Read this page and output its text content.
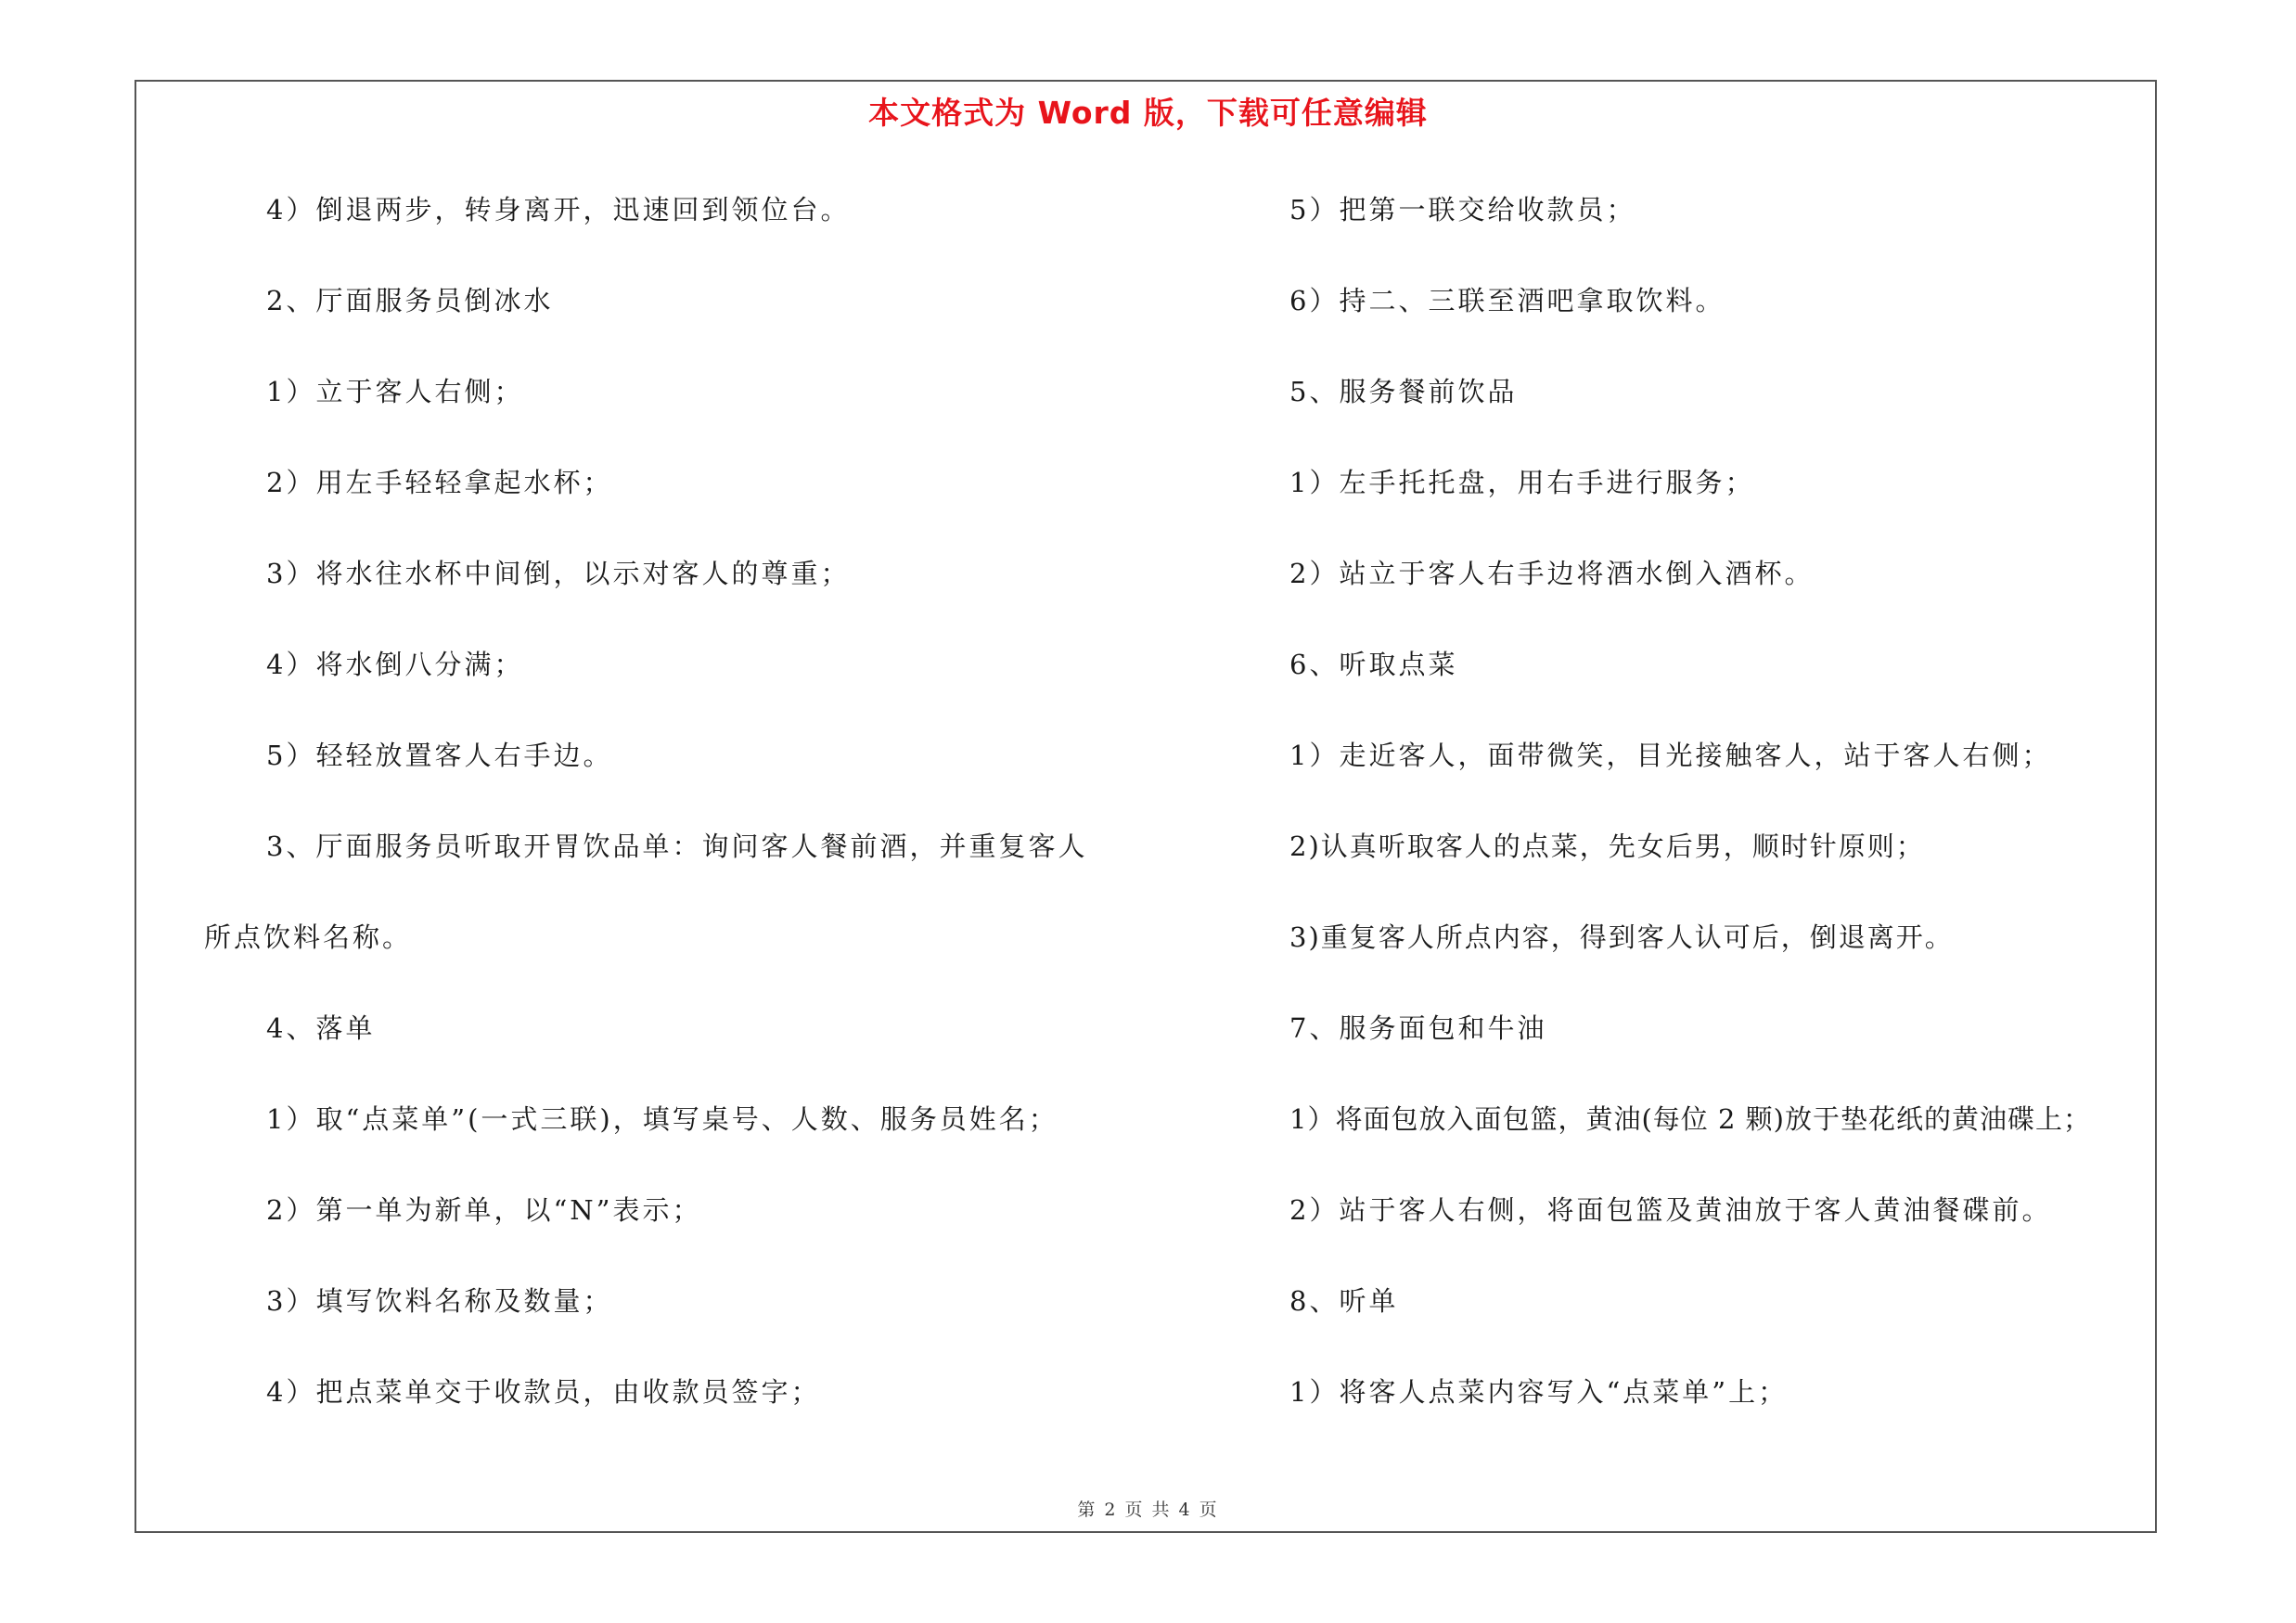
本文格式为 Word 版，下载可任意编辑
4）倒退两步，转身离开，迅速回到领位台。
2、厅面服务员倒冰水
1）立于客人右侧；
2）用左手轻轻拿起水杯；
3）将水往水杯中间倒，以示对客人的尊重；
4）将水倒八分满；
5）轻轻放置客人右手边。
3、厅面服务员听取开胃饮品单：询问客人餐前酒，并重复客人
所点饮料名称。
4、落单
1）取“点菜单”(一式三联)，填写桌号、人数、服务员姓名；
2）第一单为新单，以“N”表示；
3）填写饮料名称及数量；
4）把点菜单交于收款员，由收款员签字；
5）把第一联交给收款员；
6）持二、三联至酒吧拿取饮料。
5、服务餐前饮品
1）左手托托盘，用右手进行服务；
2）站立于客人右手边将酒水倒入酒杯。
6、听取点菜
1）走近客人，面带微笑，目光接触客人，站于客人右侧；
2)认真听取客人的点菜，先女后男，顺时针原则；
3)重复客人所点内容，得到客人认可后，倒退离开。
7、服务面包和牛油
1）将面包放入面包篮，黄油(每位 2 颗)放于垫花纸的黄油碟上；
2）站于客人右侧，将面包篮及黄油放于客人黄油餐碟前。
8、听单
1）将客人点菜内容写入“点菜单”上；
第 2 页 共 4 页
